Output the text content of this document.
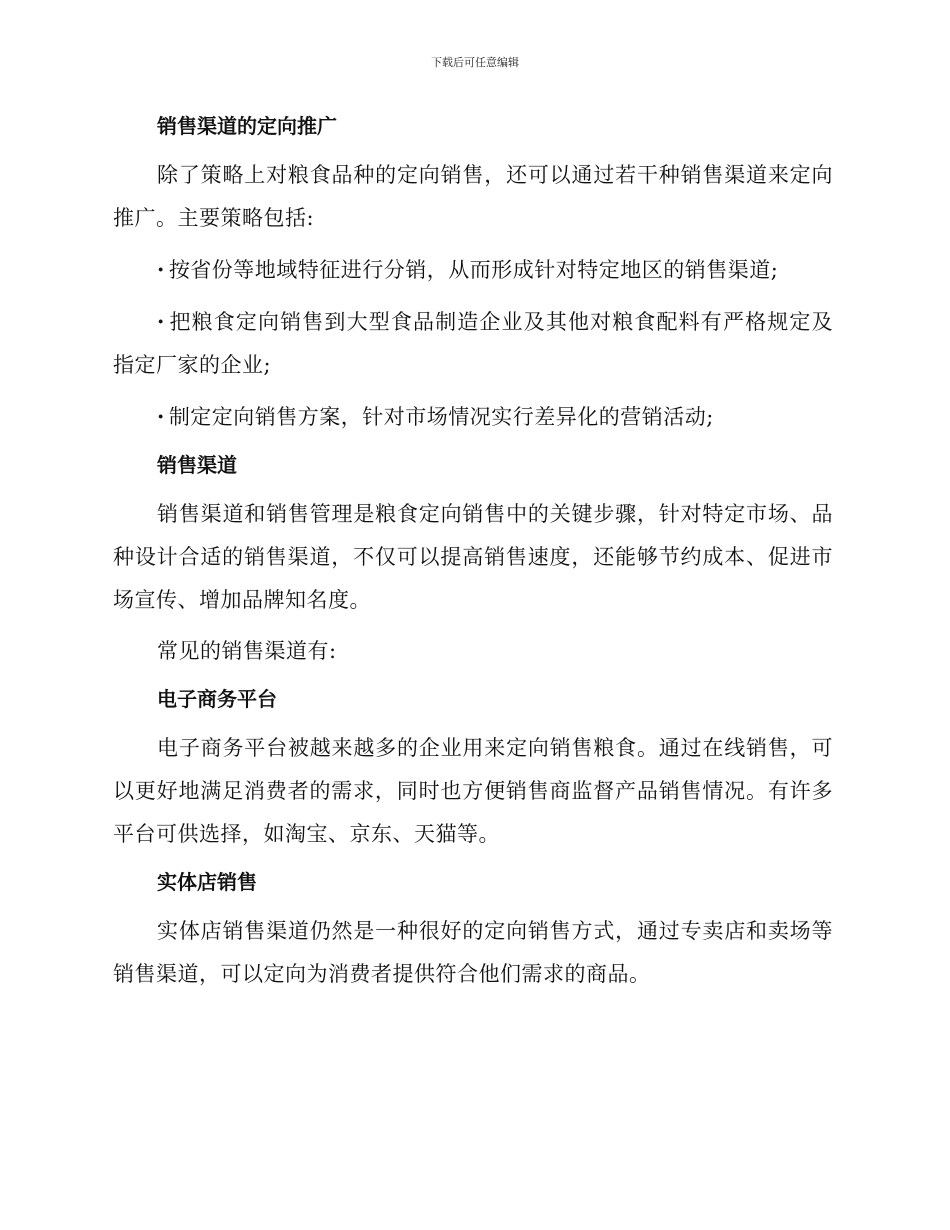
下载后可任意编辑
销售渠道的定向推广

除了策略上对粮食品种的定向销售，还可以通过若干种销售渠道来定向推广。主要策略包括:

· 按省份等地域特征进行分销，从而形成针对特定地区的销售渠道;

· 把粮食定向销售到大型食品制造企业及其他对粮食配料有严格规定及指定厂家的企业;

· 制定定向销售方案，针对市场情况实行差异化的营销活动;

销售渠道

销售渠道和销售管理是粮食定向销售中的关键步骤，针对特定市场、品种设计合适的销售渠道，不仅可以提高销售速度，还能够节约成本、促进市场宣传、增加品牌知名度。

常见的销售渠道有:

电子商务平台

电子商务平台被越来越多的企业用来定向销售粮食。通过在线销售，可以更好地满足消费者的需求，同时也方便销售商监督产品销售情况。有许多平台可供选择，如淘宝、京东、天猫等。

实体店销售

实体店销售渠道仍然是一种很好的定向销售方式，通过专卖店和卖场等销售渠道，可以定向为消费者提供符合他们需求的商品。
